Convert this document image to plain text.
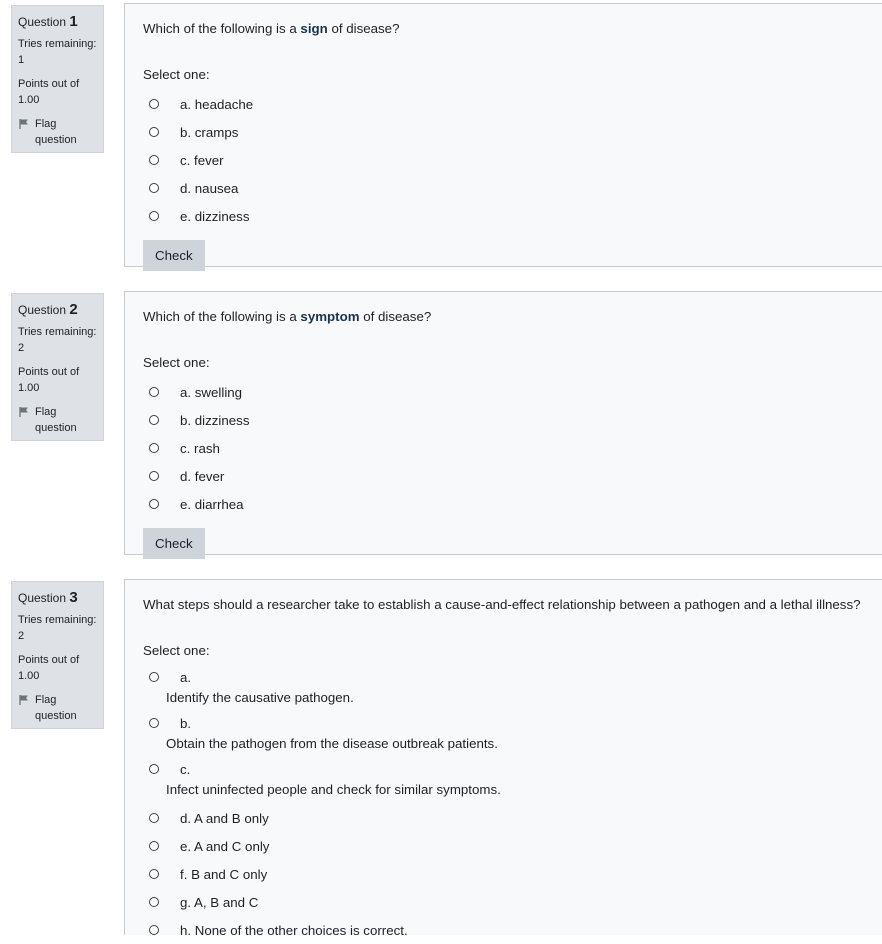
Question 1
Tries remaining:
1
Points out of
1.00
Flag question

Which of the following is a sign of disease?

Select one:
a. headache
b. cramps
c. fever
d. nausea
e. dizziness
Check
Question 2
Tries remaining:
2
Points out of
1.00
Flag question

Which of the following is a symptom of disease?

Select one:
a. swelling
b. dizziness
c. rash
d. fever
e. diarrhea
Check
Question 3
Tries remaining:
2
Points out of
1.00
Flag question

What steps should a researcher take to establish a cause-and-effect relationship between a pathogen and a lethal illness?

Select one:
a.
Identify the causative pathogen.
b.
Obtain the pathogen from the disease outbreak patients.
c.
Infect uninfected people and check for similar symptoms.
d. A and B only
e. A and C only
f. B and C only
g. A, B and C
h. None of the other choices is correct.
